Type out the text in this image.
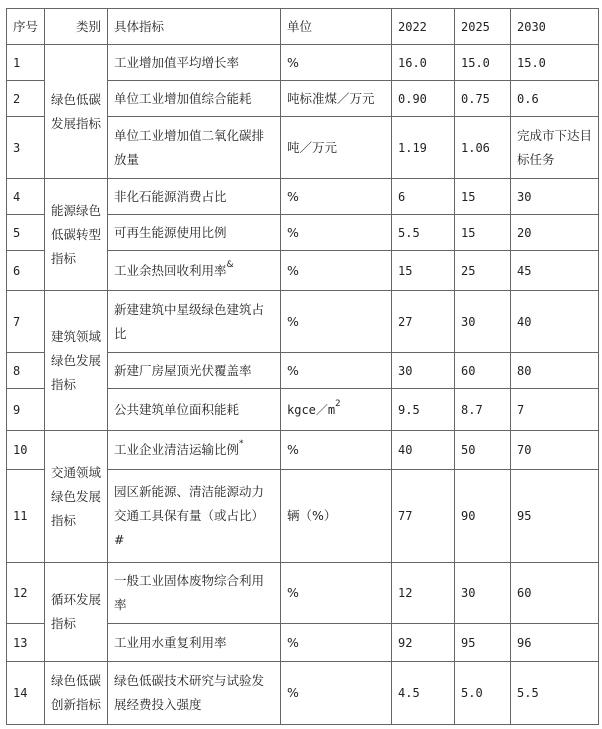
序号	类别	具体指标	单位	2022	2025	2030
1	绿色低碳发展指标	工业增加值平均增长率	%	16.0	15.0	15.0
2		单位工业增加值综合能耗	吨标准煤／万元	0.90	0.75	0.6
3		单位工业增加值二氧化碳排放量	吨／万元	1.19	1.06	完成市下达目标任务
4	能源绿色低碳转型指标	非化石能源消费占比	%	6	15	30
5		可再生能源使用比例	%	5.5	15	20
6		工业余热回收利用率&	%	15	25	45
7	建筑领域绿色发展指标	新建建筑中星级绿色建筑占比	%	27	30	40
8		新建厂房屋顶光伏覆盖率	%	30	60	80
9		公共建筑单位面积能耗	$kgce/m^2$	9.5	8.7	7
10	交通领域绿色发展指标	工业企业清洁运输比例*	%	40	50	70
11		园区新能源、清洁能源动力交通工具保有量（或占比）#	辆（%）	77	90	95
12	循环发展指标	一般工业固体废物综合利用率	%	12	30	60
13		工业用水重复利用率	%	92	95	96
14	绿色低碳创新指标	绿色低碳技术研究与试验发展经费投入强度	%	4.5	5.0	5.5
